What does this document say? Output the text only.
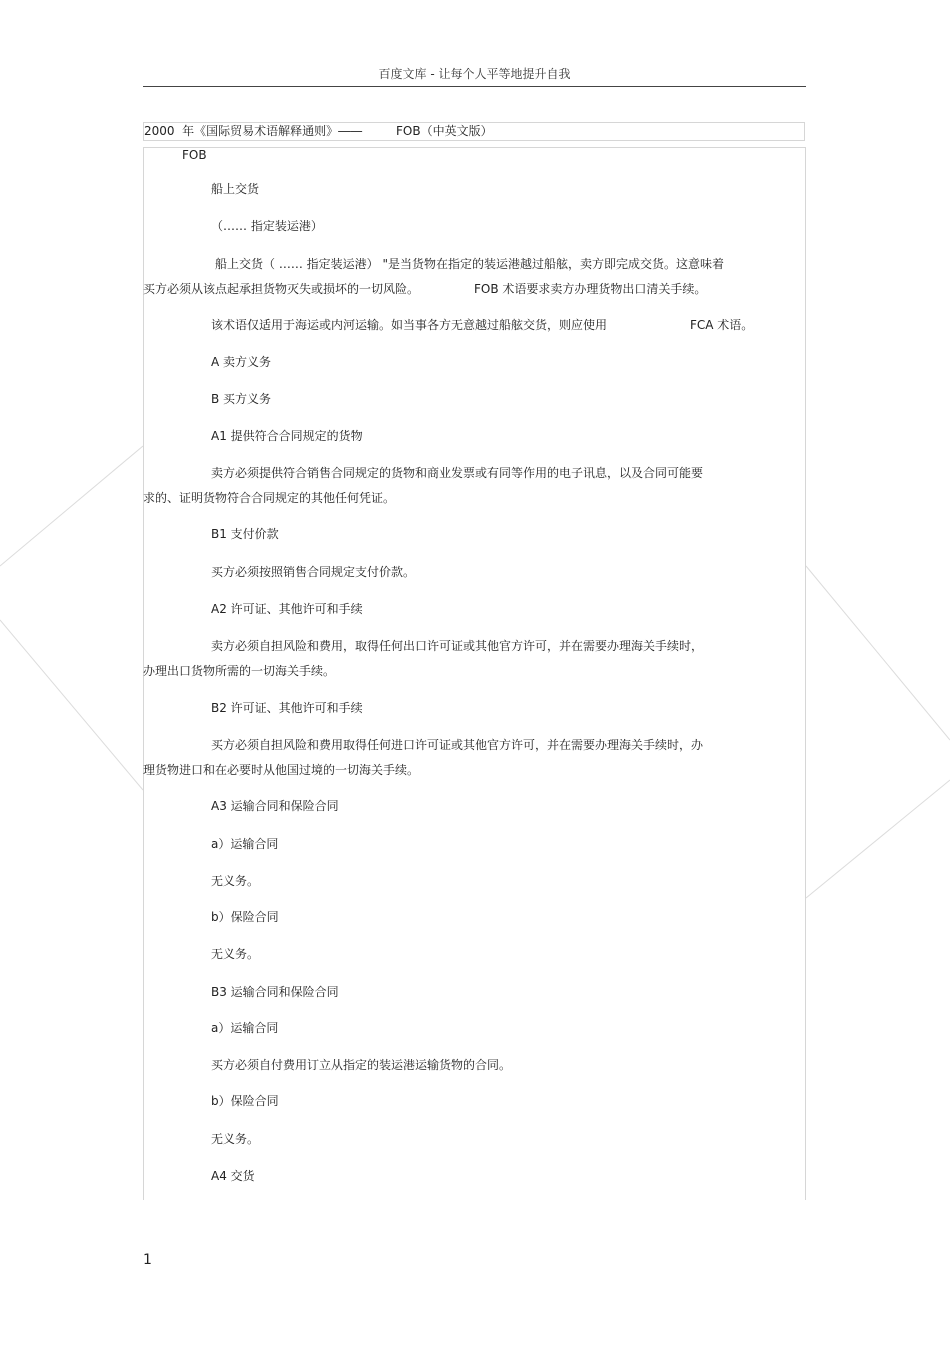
百度文库 - 让每个人平等地提升自我
2000  年《国际贸易术语解释通则》――	FOB（中英文版）
FOB
船上交货
（…… 指定装运港）
船上交货（ …… 指定装运港） "是当货物在指定的装运港越过船舷，卖方即完成交货。这意味着
买方必须从该点起承担货物灭失或损坏的一切风险。	FOB 术语要求卖方办理货物出口清关手续。
该术语仅适用于海运或内河运输。如当事各方无意越过船舷交货，则应使用	FCA 术语。
A 卖方义务
B 买方义务
A1 提供符合合同规定的货物
卖方必须提供符合销售合同规定的货物和商业发票或有同等作用的电子讯息，以及合同可能要
求的、证明货物符合合同规定的其他任何凭证。
B1 支付价款
买方必须按照销售合同规定支付价款。
A2 许可证、其他许可和手续
卖方必须自担风险和费用，取得任何出口许可证或其他官方许可，并在需要办理海关手续时，
办理出口货物所需的一切海关手续。
B2 许可证、其他许可和手续
买方必须自担风险和费用取得任何进口许可证或其他官方许可，并在需要办理海关手续时，办
理货物进口和在必要时从他国过境的一切海关手续。
A3 运输合同和保险合同
a）运输合同
无义务。
b）保险合同
无义务。
B3 运输合同和保险合同
a）运输合同
买方必须自付费用订立从指定的装运港运输货物的合同。
b）保险合同
无义务。
A4 交货
1
